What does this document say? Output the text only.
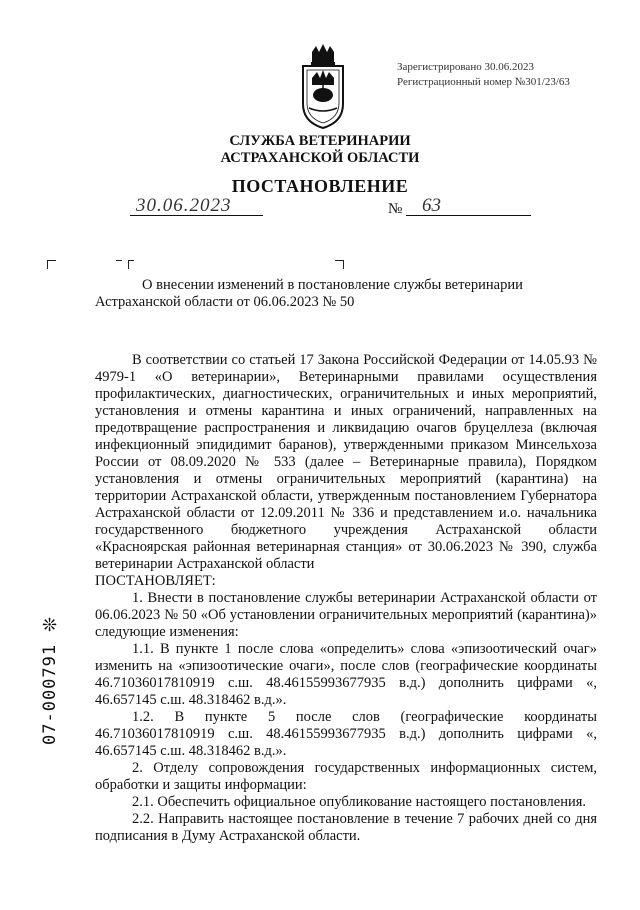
Зарегистрировано 30.06.2023
Регистрационный номер №301/23/63
СЛУЖБА ВЕТЕРИНАРИИ
АСТРАХАНСКОЙ ОБЛАСТИ
ПОСТАНОВЛЕНИЕ
30.06.2023	№ 63
О внесении изменений в постановление службы ветеринарии Астраханской области от 06.06.2023 № 50

В соответствии со статьей 17 Закона Российской Федерации от 14.05.93 № 4979-1 «О ветеринарии», Ветеринарными правилами осуществления профилактических, диагностических, ограничительных и иных мероприятий, установления и отмены карантина и иных ограничений, направленных на предотвращение распространения и ликвидацию очагов бруцеллеза (включая инфекционный эпидидимит баранов), утвержденными приказом Минсельхоза России от 08.09.2020 № 533 (далее – Ветеринарные правила), Порядком установления и отмены ограничительных мероприятий (карантина) на территории Астраханской области, утвержденным постановлением Губернатора Астраханской области от 12.09.2011 № 336 и представлением и.о. начальника государственного бюджетного учреждения Астраханской области «Красноярская районная ветеринарная станция» от 30.06.2023 № 390, служба ветеринарии Астраханской области

ПОСТАНОВЛЯЕТ:

1. Внести в постановление службы ветеринарии Астраханской области от 06.06.2023 № 50 «Об установлении ограничительных мероприятий (карантина)» следующие изменения:

1.1. В пункте 1 после слова «определить» слова «эпизоотический очаг» изменить на «эпизоотические очаги», после слов (географические координаты 46.71036017810919 с.ш. 48.46155993677935 в.д.) дополнить цифрами «, 46.657145 с.ш. 48.318462 в.д.».

1.2. В пункте 5 после слов (географические координаты 46.71036017810919 с.ш. 48.46155993677935 в.д.) дополнить цифрами «, 46.657145 с.ш. 48.318462 в.д.».

2. Отделу сопровождения государственных информационных систем, обработки и защиты информации:

2.1. Обеспечить официальное опубликование настоящего постановления.

2.2. Направить настоящее постановление в течение 7 рабочих дней со дня подписания в Думу Астраханской области.

❊
07-000791
